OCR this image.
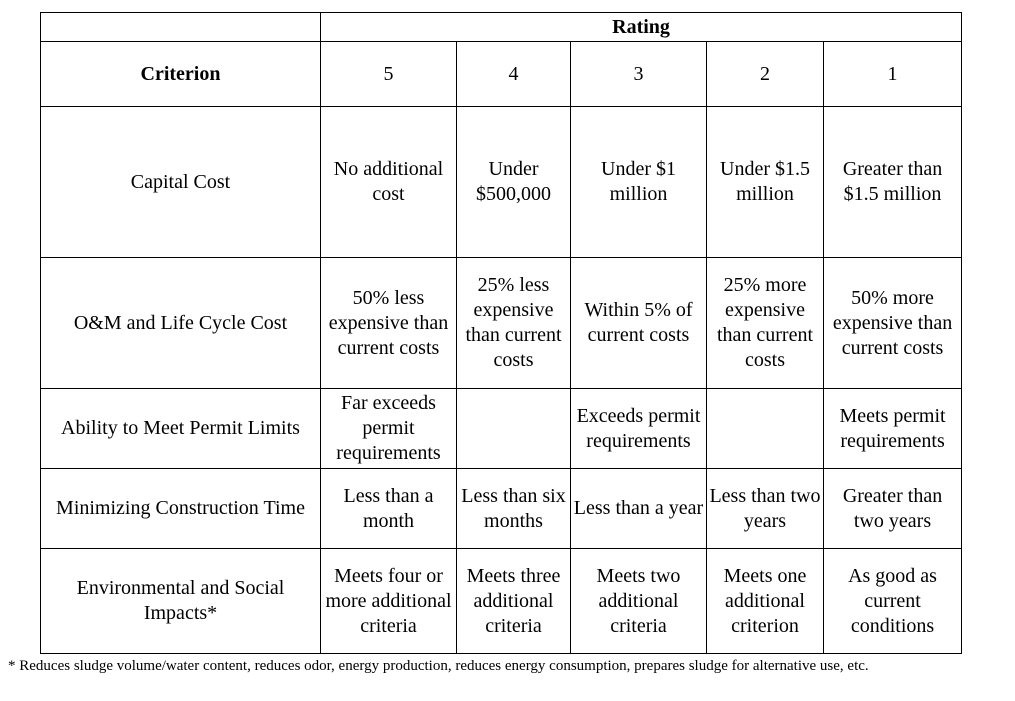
	Rating				
Criterion	5	4	3	2	1
Capital Cost	No additional cost	Under $500,000	Under $1 million	Under $1.5 million	Greater than $1.5 million
O&M and Life Cycle Cost	50% less expensive than current costs	25% less expensive than current costs	Within 5% of current costs	25% more expensive than current costs	50% more expensive than current costs
Ability to Meet Permit Limits	Far exceeds permit requirements		Exceeds permit requirements		Meets permit requirements
Minimizing Construction Time	Less than a month	Less than six months	Less than a year	Less than two years	Greater than two years
Environmental and Social Impacts*	Meets four or more additional criteria	Meets three additional criteria	Meets two additional criteria	Meets one additional criterion	As good as current conditions
* Reduces sludge volume/water content, reduces odor, energy production, reduces energy consumption, prepares sludge for alternative use, etc.
